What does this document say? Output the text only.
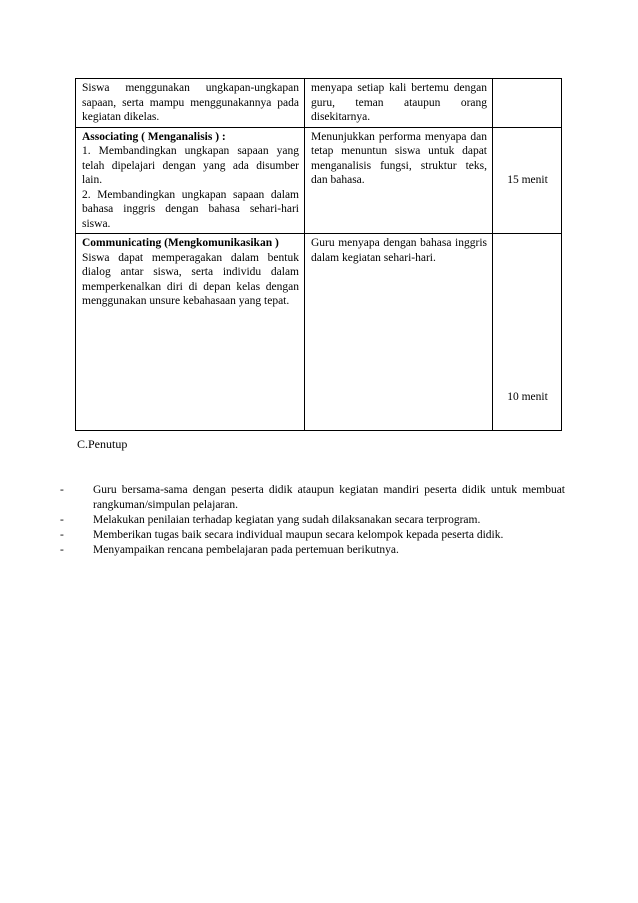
Siswa menggunakan ungkapan-ungkapan sapaan, serta mampu menggunakannya pada kegiatan dikelas.	menyapa setiap kali bertemu dengan guru, teman ataupun orang disekitarnya.	

Associating ( Menganalisis ) :
1. Membandingkan ungkapan sapaan yang telah dipelajari dengan yang ada disumber lain.
2. Membandingkan ungkapan sapaan dalam bahasa inggris dengan bahasa sehari-hari siswa.	Menunjukkan performa menyapa dan tetap menuntun siswa untuk dapat menganalisis fungsi, struktur teks, dan bahasa.	15 menit

Communicating (Mengkomunikasikan )
Siswa dapat memperagakan dalam bentuk dialog antar siswa, serta individu dalam memperkenalkan diri di depan kelas dengan menggunakan unsure kebahasaan yang tepat.	Guru menyapa dengan bahasa inggris dalam kegiatan sehari-hari.	10 menit
C.Penutup
-	Guru bersama-sama dengan peserta didik ataupun kegiatan mandiri peserta didik untuk membuat rangkuman/simpulan pelajaran.
-	Melakukan penilaian terhadap kegiatan yang sudah dilaksanakan secara terprogram.
-	Memberikan tugas baik secara individual maupun secara kelompok kepada peserta didik.
-	Menyampaikan rencana pembelajaran pada pertemuan berikutnya.
